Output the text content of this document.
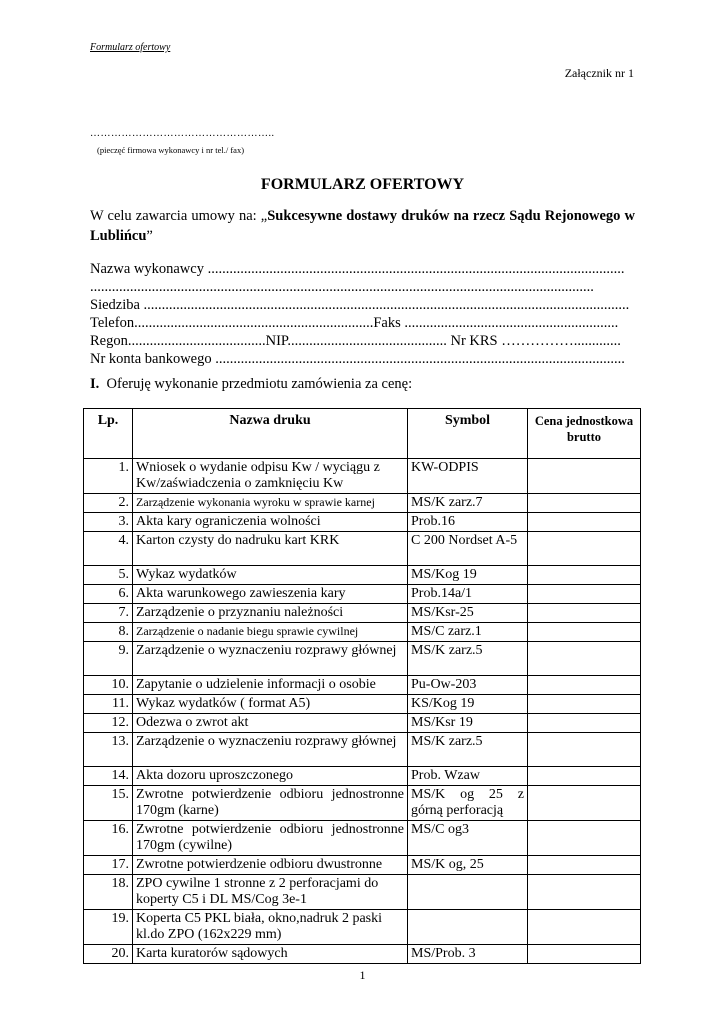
Formularz ofertowy
Załącznik nr 1
……………………………………………..
(pieczęć firmowa wykonawcy i nr tel./ fax)
FORMULARZ OFERTOWY
W celu zawarcia umowy na: „Sukcesywne dostawy druków na rzecz Sądu Rejonowego w Lublińcu”
Nazwa wykonawcy ...................................................................................................................
...........................................................................................................................................
Siedziba ......................................................................................................................................
Telefon..................................................................Faks ...........................................................
Regon......................................NIP............................................ Nr KRS …………….............
Nr konta bankowego .................................................................................................................
I. Oferuję wykonanie przedmiotu zamówienia za cenę:
Lp.	Nazwa druku	Symbol	Cena jednostkowa brutto
1.	Wniosek o wydanie odpisu Kw / wyciągu z Kw/zaświadczenia o zamknięciu Kw	KW-ODPIS	
2.	Zarządzenie wykonania wyroku w sprawie karnej	MS/K zarz.7	
3.	Akta kary ograniczenia wolności	Prob.16	
4.	Karton czysty do nadruku kart KRK	C 200 Nordset A-5	
5.	Wykaz wydatków	MS/Kog 19	
6.	Akta warunkowego zawieszenia kary	Prob.14a/1	
7.	Zarządzenie o przyznaniu należności	MS/Ksr-25	
8.	Zarządzenie o nadanie biegu sprawie cywilnej	MS/C zarz.1	
9.	Zarządzenie o wyznaczeniu rozprawy głównej	MS/K zarz.5	
10.	Zapytanie o udzielenie informacji o osobie	Pu-Ow-203	
11.	Wykaz wydatków ( format A5)	KS/Kog 19	
12.	Odezwa o zwrot akt	MS/Ksr 19	
13.	Zarządzenie o wyznaczeniu rozprawy głównej	MS/K zarz.5	
14.	Akta dozoru uproszczonego	Prob. Wzaw	
15.	Zwrotne potwierdzenie odbioru jednostronne 170gm (karne)	MS/K og 25 z górną perforacją	
16.	Zwrotne potwierdzenie odbioru jednostronne 170gm (cywilne)	MS/C og3	
17.	Zwrotne potwierdzenie odbioru dwustronne	MS/K og, 25	
18.	ZPO cywilne 1 stronne z 2 perforacjami do koperty C5 i DL MS/Cog 3e-1		
19.	Koperta C5 PKL biała, okno,nadruk 2 paski kl.do ZPO (162x229 mm)		
20.	Karta kuratorów sądowych	MS/Prob. 3	
1
